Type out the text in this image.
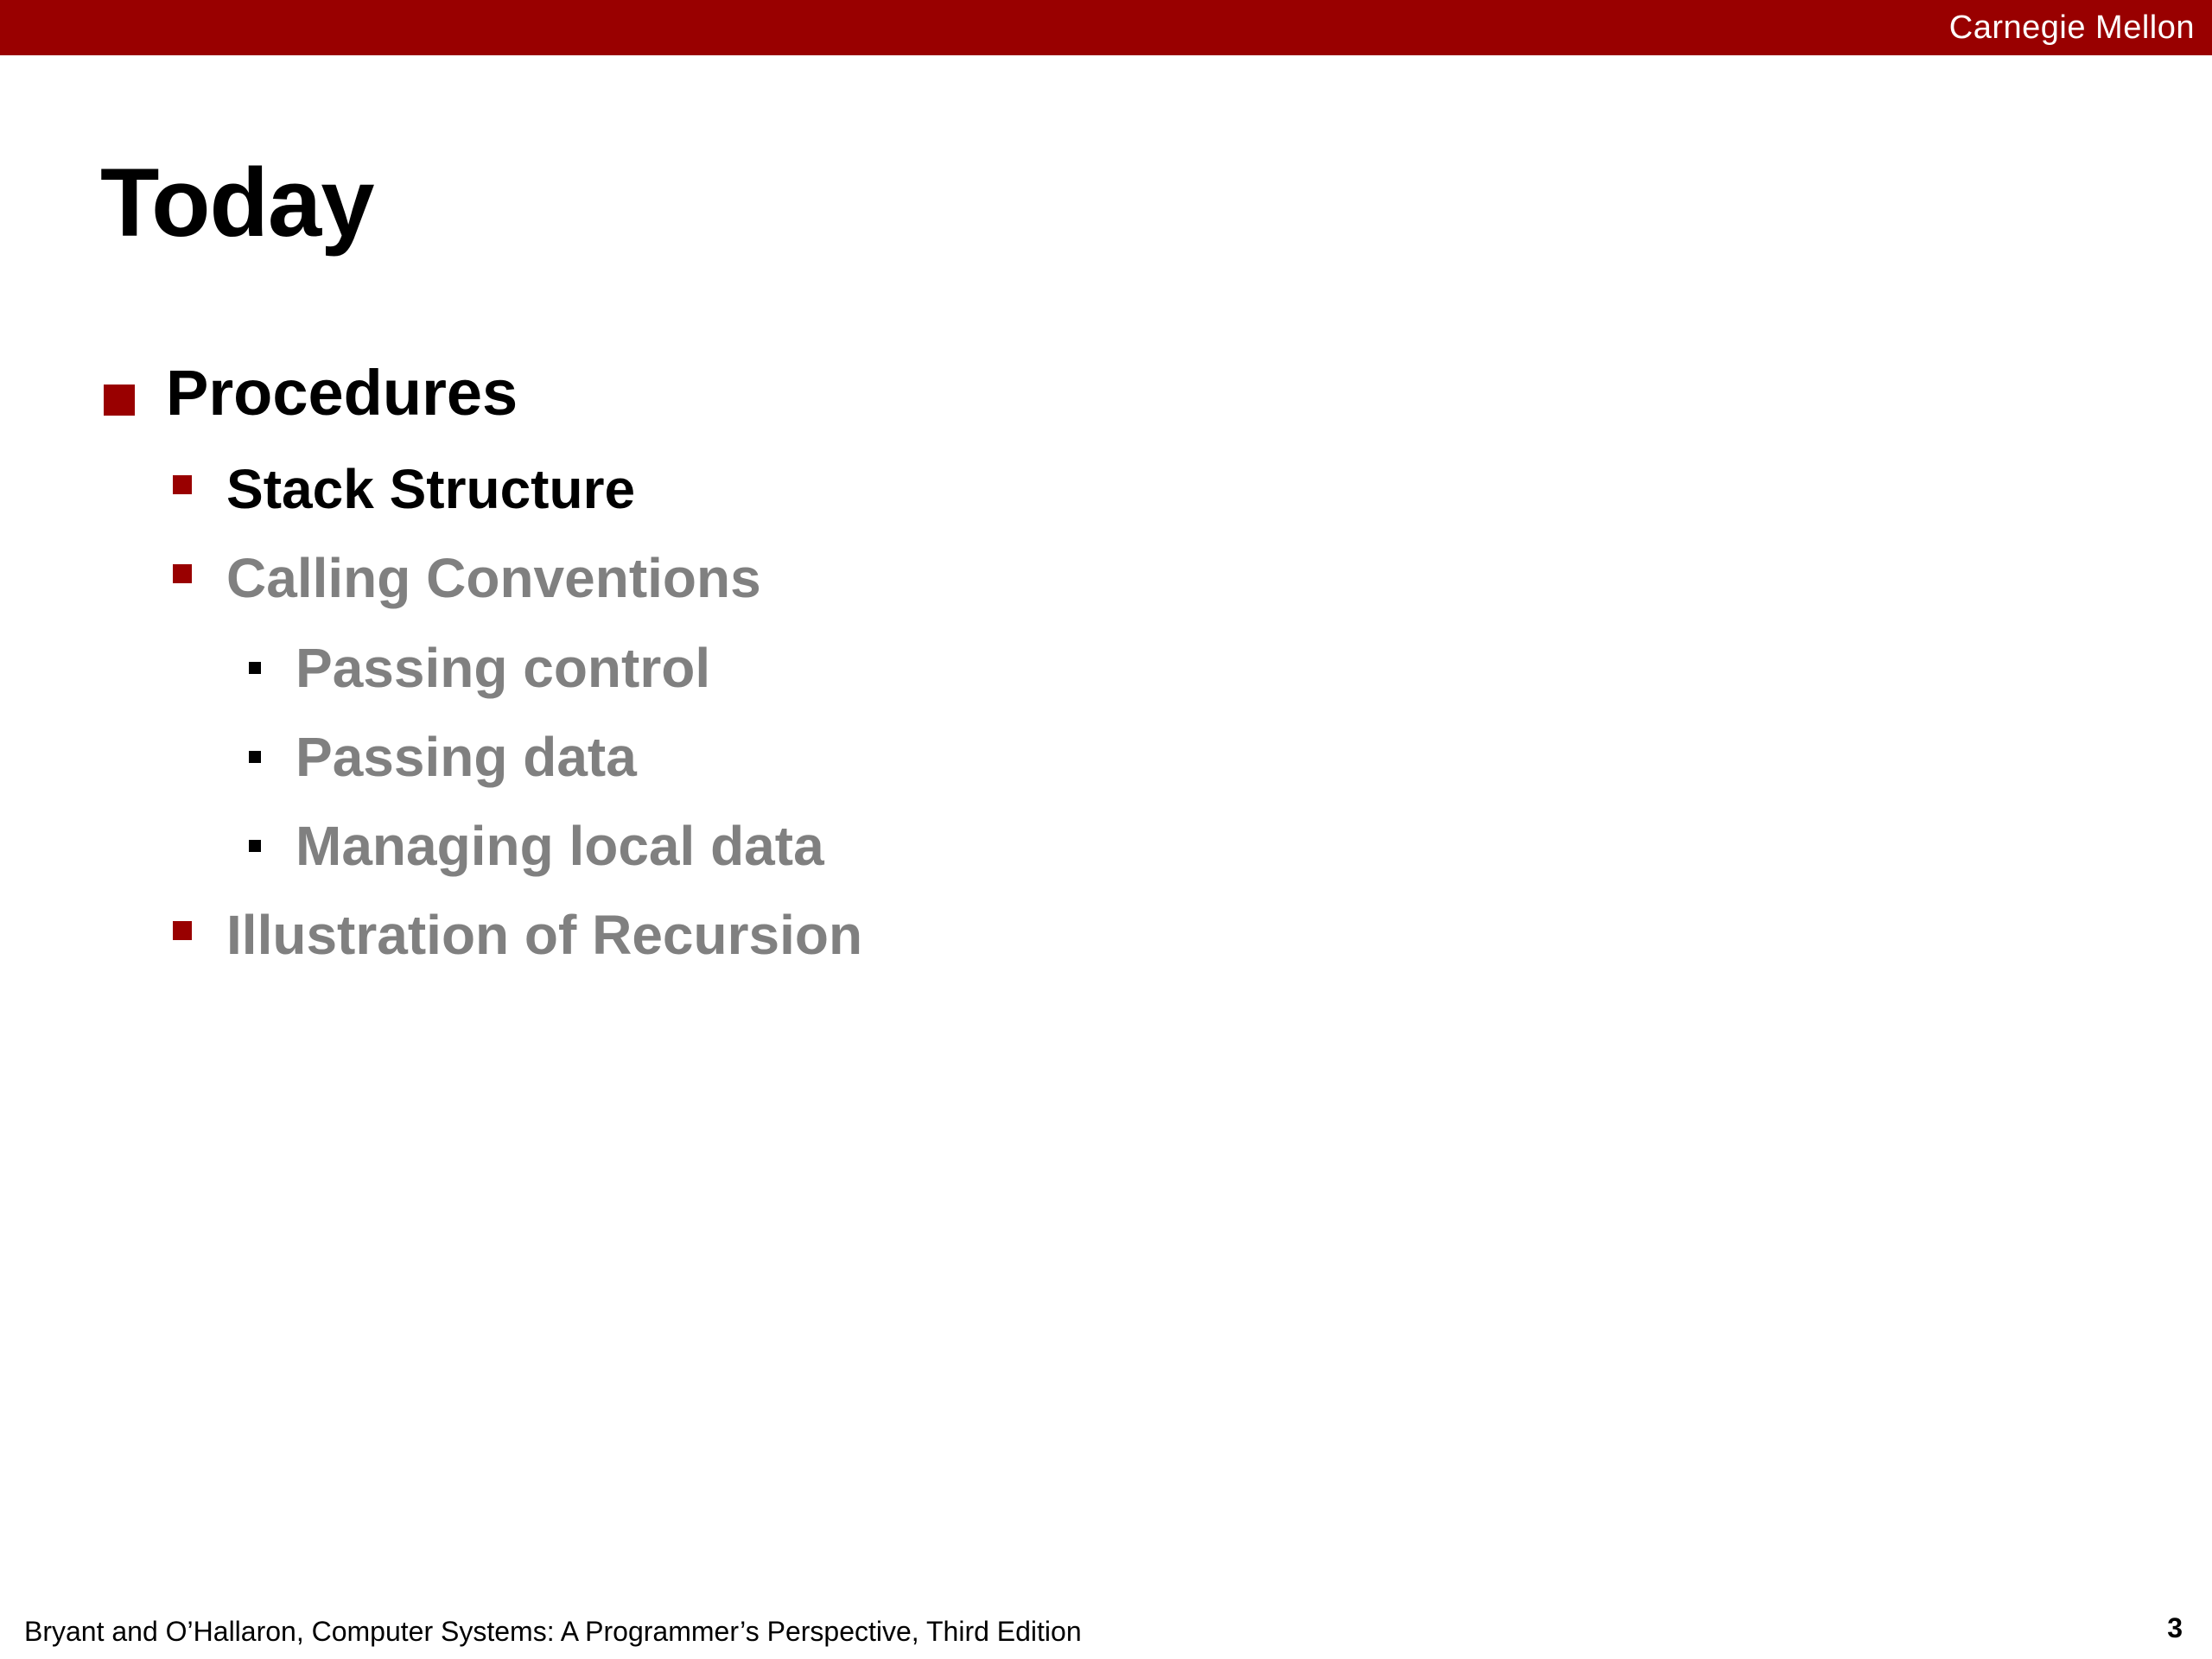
Carnegie Mellon
Today
Procedures
Stack Structure
Calling Conventions
Passing control
Passing data
Managing local data
Illustration of Recursion
Bryant and O’Hallaron, Computer Systems: A Programmer’s Perspective, Third Edition	3
